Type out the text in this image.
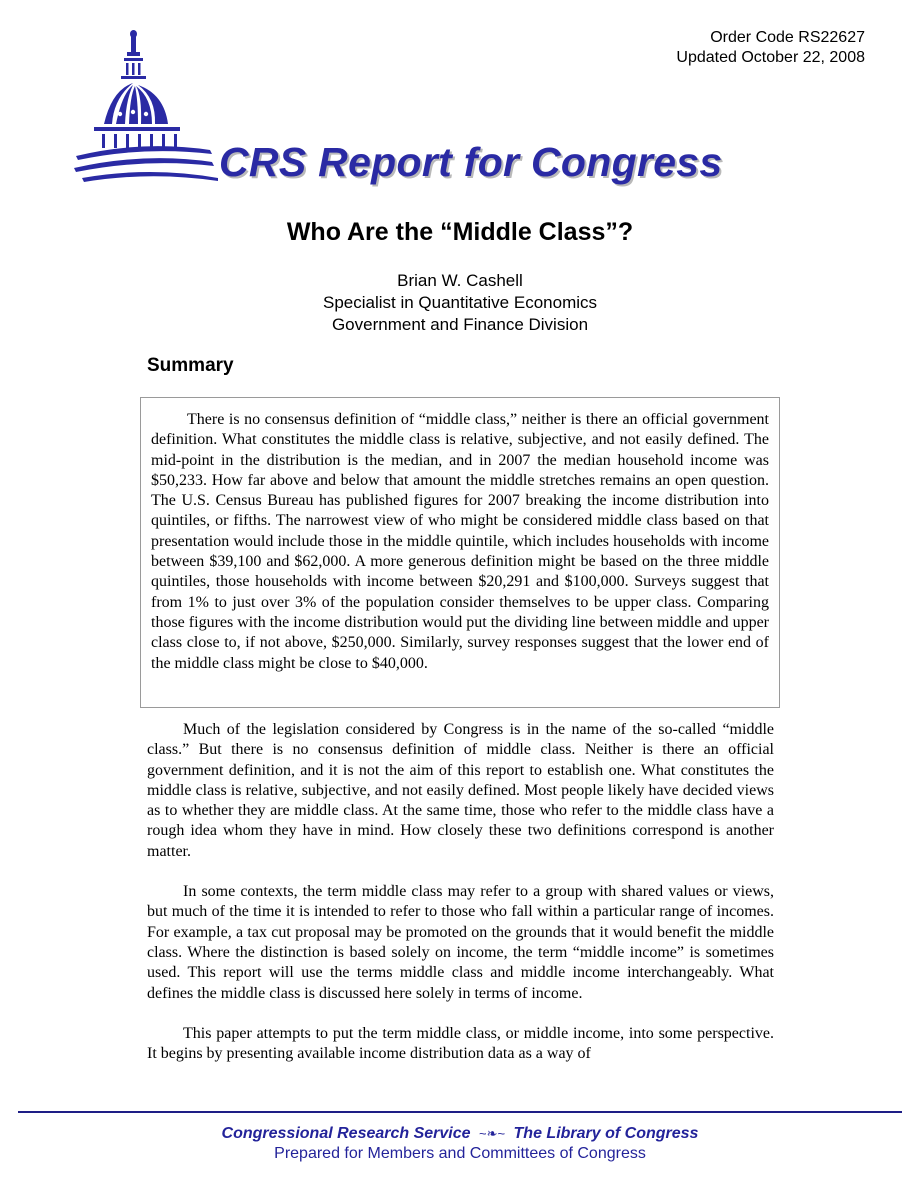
Order Code RS22627
Updated October 22, 2008
CRS Report for Congress
Who Are the “Middle Class”?
Brian W. Cashell
Specialist in Quantitative Economics
Government and Finance Division
Summary

There is no consensus definition of “middle class,” neither is there an official government definition. What constitutes the middle class is relative, subjective, and not easily defined. The mid-point in the distribution is the median, and in 2007 the median household income was $50,233. How far above and below that amount the middle stretches remains an open question. The U.S. Census Bureau has published figures for 2007 breaking the income distribution into quintiles, or fifths. The narrowest view of who might be considered middle class based on that presentation would include those in the middle quintile, which includes households with income between $39,100 and $62,000. A more generous definition might be based on the three middle quintiles, those households with income between $20,291 and $100,000. Surveys suggest that from 1% to just over 3% of the population consider themselves to be upper class. Comparing those figures with the income distribution would put the dividing line between middle and upper class close to, if not above, $250,000. Similarly, survey responses suggest that the lower end of the middle class might be close to $40,000.

Much of the legislation considered by Congress is in the name of the so-called “middle class.” But there is no consensus definition of middle class. Neither is there an official government definition, and it is not the aim of this report to establish one. What constitutes the middle class is relative, subjective, and not easily defined. Most people likely have decided views as to whether they are middle class. At the same time, those who refer to the middle class have a rough idea whom they have in mind. How closely these two definitions correspond is another matter.

In some contexts, the term middle class may refer to a group with shared values or views, but much of the time it is intended to refer to those who fall within a particular range of incomes. For example, a tax cut proposal may be promoted on the grounds that it would benefit the middle class. Where the distinction is based solely on income, the term “middle income” is sometimes used. This report will use the terms middle class and middle income interchangeably. What defines the middle class is discussed here solely in terms of income.

This paper attempts to put the term middle class, or middle income, into some perspective. It begins by presenting available income distribution data as a way of

Congressional Research Service ~❧~ The Library of Congress
Prepared for Members and Committees of Congress
